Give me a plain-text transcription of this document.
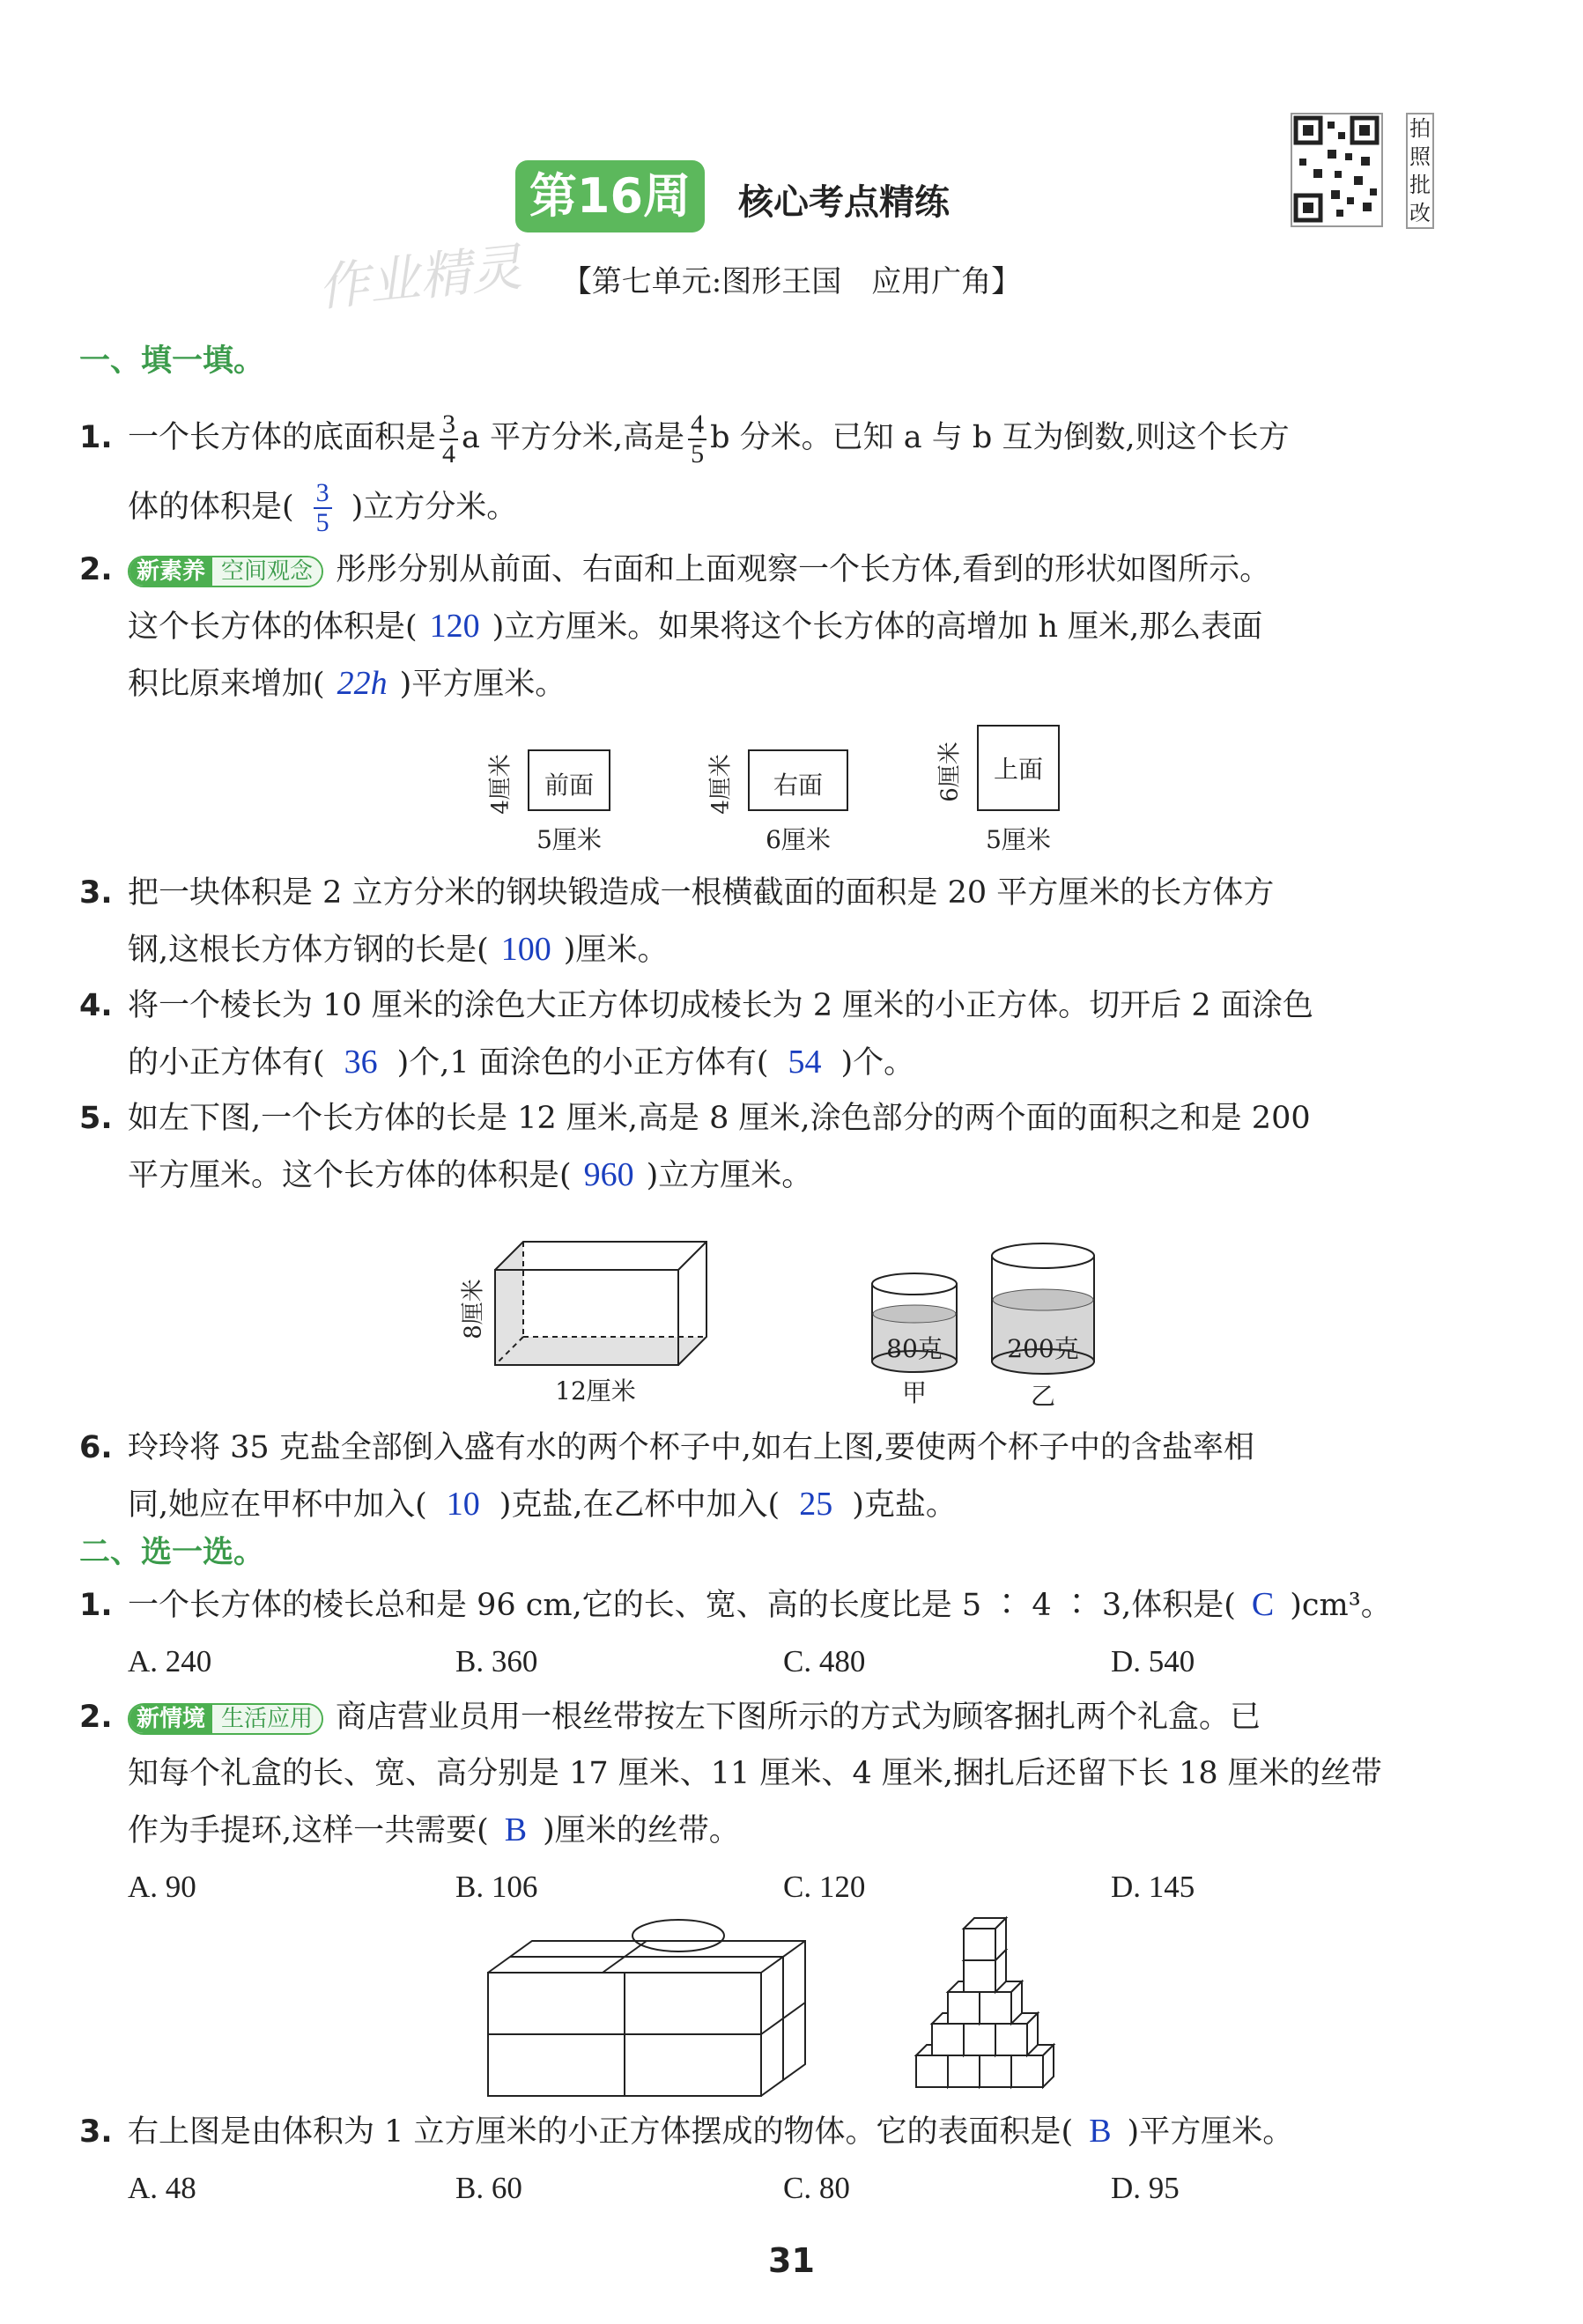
作业精灵
第16周	核心考点精练
【第七单元:图形王国　应用广角】
拍照批改
一、填一填。
1. 一个长方体的底面积是 $\frac{3}{4}$ a 平方分米,高是 $\frac{4}{5}$ b 分米。已知 a 与 b 互为倒数,则这个长方
体的体积是( $\frac{3}{5}$ )立方分米。
2.	新素养 空间观念 彤彤分别从前面、右面和上面观察一个长方体,看到的形状如图所示。
这个长方体的体积是( 120 )立方厘米。如果将这个长方体的高增加 h 厘米,那么表面
积比原来增加( 22h )平方厘米。
前面	右面
上面
4厘米	4厘米	6厘米
5厘米	6厘米	5厘米
3. 把一块体积是 2 立方分米的钢块锻造成一根横截面的面积是 20 平方厘米的长方体方
钢,这根长方体方钢的长是( 100 )厘米。
4. 将一个棱长为 10 厘米的涂色大正方体切成棱长为 2 厘米的小正方体。切开后 2 面涂色
的小正方体有( 36 )个,1 面涂色的小正方体有( 54 )个。
5. 如左下图,一个长方体的长是 12 厘米,高是 8 厘米,涂色部分的两个面的面积之和是 200
平方厘米。这个长方体的体积是( 960 )立方厘米。
8厘米
12厘米
80克	200克
甲	乙
6. 玲玲将 35 克盐全部倒入盛有水的两个杯子中,如右上图,要使两个杯子中的含盐率相
同,她应在甲杯中加入( 10 )克盐,在乙杯中加入( 25 )克盐。
二、选一选。
1. 一个长方体的棱长总和是 96 cm,它的长、宽、高的长度比是 5 ∶ 4 ∶ 3,体积是( C )cm³。
A. 240	B. 360	C. 480	D. 540
2.	新情境 生活应用 商店营业员用一根丝带按左下图所示的方式为顾客捆扎两个礼盒。已
知每个礼盒的长、宽、高分别是 17 厘米、11 厘米、4 厘米,捆扎后还留下长 18 厘米的丝带
作为手提环,这样一共需要( B )厘米的丝带。
A. 90	B. 106	C. 120	D. 145
3. 右上图是由体积为 1 立方厘米的小正方体摆成的物体。它的表面积是( B )平方厘米。
A. 48	B. 60	C. 80	D. 95
31
